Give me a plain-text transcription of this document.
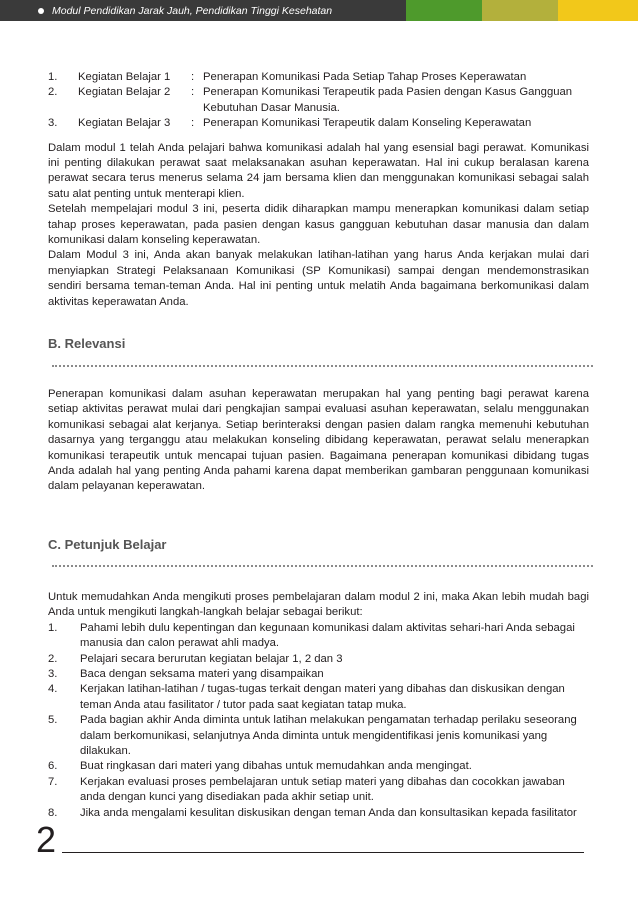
Modul Pendidikan Jarak Jauh, Pendidikan Tinggi Kesehatan
1.	Kegiatan Belajar 1	: Penerapan Komunikasi Pada Setiap Tahap Proses Keperawatan
2.	Kegiatan Belajar 2	: Penerapan Komunikasi Terapeutik pada Pasien dengan Kasus Gangguan Kebutuhan Dasar Manusia.
3.	Kegiatan Belajar 3	: Penerapan Komunikasi Terapeutik dalam Konseling Keperawatan

Dalam modul 1 telah Anda pelajari bahwa komunikasi adalah hal yang esensial bagi perawat. Komunikasi ini penting dilakukan perawat saat melaksanakan asuhan keperawatan. Hal ini cukup beralasan karena perawat secara terus menerus selama 24 jam bersama klien dan menggunakan komunikasi sebagai salah satu alat penting untuk menterapi klien.

Setelah mempelajari modul 3 ini, peserta didik diharapkan mampu menerapkan komunikasi dalam setiap tahap proses keperawatan, pada pasien dengan kasus gangguan kebutuhan dasar manusia dan dalam komunikasi dalam konseling keperawatan.

Dalam Modul 3 ini, Anda akan banyak melakukan latihan-latihan yang harus Anda kerjakan mulai dari menyiapkan Strategi Pelaksanaan Komunikasi (SP Komunikasi) sampai dengan mendemonstrasikan sendiri bersama teman-teman Anda. Hal ini penting untuk melatih Anda bagaimana berkomunikasi dalam aktivitas keperawatan Anda.

B. Relevansi

Penerapan komunikasi dalam asuhan keperawatan merupakan hal yang penting bagi perawat karena setiap aktivitas perawat mulai dari pengkajian sampai evaluasi asuhan keperawatan, selalu menggunakan komunikasi sebagai alat kerjanya. Setiap berinteraksi dengan pasien dalam rangka memenuhi kebutuhan dasarnya yang terganggu atau melakukan konseling dibidang keperawatan, perawat selalu menerapkan komunikasi terapeutik untuk mencapai tujuan pasien. Bagaimana penerapan komunikasi dibidang tugas Anda adalah hal yang penting Anda pahami karena dapat memberikan gambaran penggunaan komunikasi dalam pelayanan keperawatan.

C. Petunjuk Belajar

Untuk memudahkan Anda mengikuti proses pembelajaran dalam modul 2 ini, maka Akan lebih mudah bagi Anda untuk mengikuti langkah-langkah belajar sebagai berikut:

1.	Pahami lebih dulu kepentingan dan kegunaan komunikasi dalam aktivitas sehari-hari Anda sebagai manusia dan calon perawat ahli madya.
2.	Pelajari secara berurutan kegiatan belajar 1, 2 dan 3
3.	Baca dengan seksama materi yang disampaikan
4.	Kerjakan latihan-latihan / tugas-tugas terkait dengan materi yang dibahas dan diskusikan dengan teman Anda atau fasilitator / tutor pada saat kegiatan tatap muka.
5.	Pada bagian akhir Anda diminta untuk latihan melakukan pengamatan terhadap perilaku seseorang dalam berkomunikasi, selanjutnya Anda diminta untuk mengidentifikasi jenis komunikasi yang dilakukan.
6.	Buat ringkasan dari materi yang dibahas untuk memudahkan anda mengingat.
7.	Kerjakan evaluasi proses pembelajaran untuk setiap materi yang dibahas dan cocokkan jawaban anda dengan kunci yang disediakan pada akhir setiap unit.
8.	Jika anda mengalami kesulitan diskusikan dengan teman Anda dan konsultasikan kepada fasilitator

2
